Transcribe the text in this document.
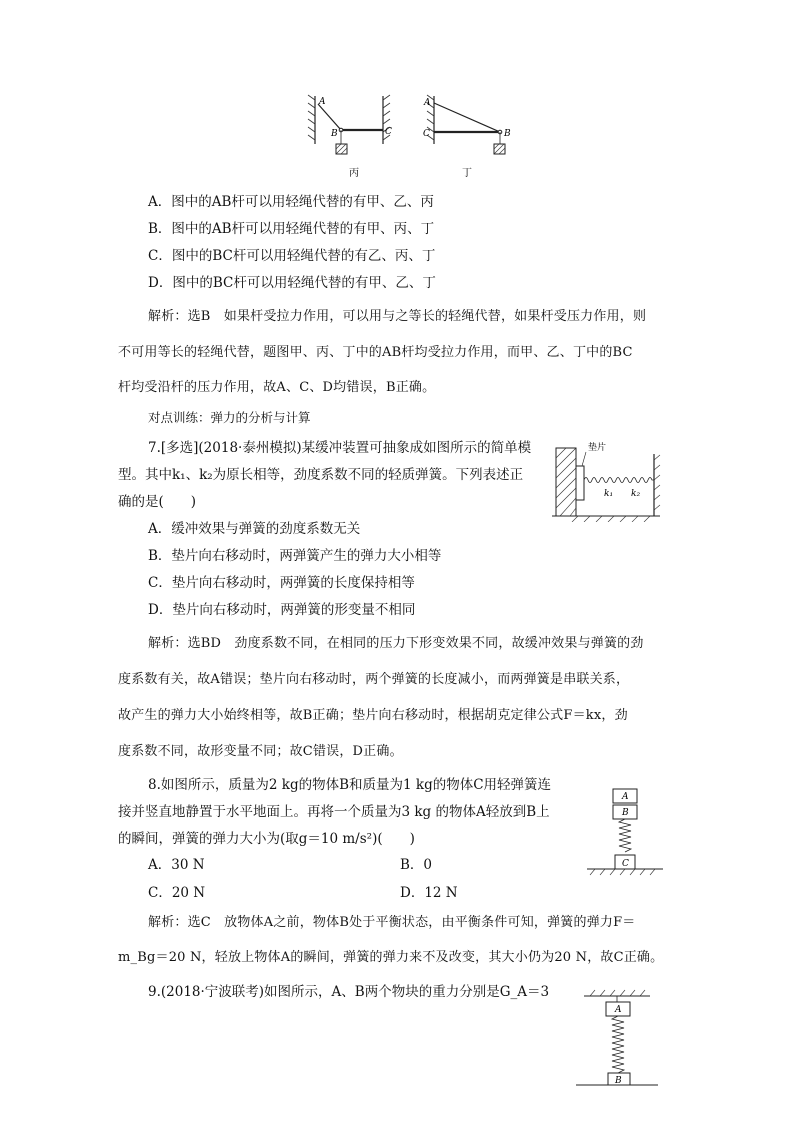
A
B	C
丙
A
B
C
丁
A．图中的AB杆可以用轻绳代替的有甲、乙、丙
B．图中的AB杆可以用轻绳代替的有甲、丙、丁
C．图中的BC杆可以用轻绳代替的有乙、丙、丁
D．图中的BC杆可以用轻绳代替的有甲、乙、丁
解析：选B　如果杆受拉力作用，可以用与之等长的轻绳代替，如果杆受压力作用，则
不可用等长的轻绳代替，题图甲、丙、丁中的AB杆均受拉力作用，而甲、乙、丁中的BC
杆均受沿杆的压力作用，故A、C、D均错误，B正确。
对点训练：弹力的分析与计算
7.[多选](2018·泰州模拟)某缓冲装置可抽象成如图所示的简单模
型。其中k₁、k₂为原长相等，劲度系数不同的轻质弹簧。下列表述正
确的是(　　)
垫片
k₁ k₂
A．缓冲效果与弹簧的劲度系数无关
B．垫片向右移动时，两弹簧产生的弹力大小相等
C．垫片向右移动时，两弹簧的长度保持相等
D．垫片向右移动时，两弹簧的形变量不相同
解析：选BD　劲度系数不同，在相同的压力下形变效果不同，故缓冲效果与弹簧的劲
度系数有关，故A错误；垫片向右移动时，两个弹簧的长度减小，而两弹簧是串联关系，
故产生的弹力大小始终相等，故B正确；垫片向右移动时，根据胡克定律公式F＝kx，劲
度系数不同，故形变量不同；故C错误，D正确。
8.如图所示，质量为2 kg的物体B和质量为1 kg的物体C用轻弹簧连
接并竖直地静置于水平地面上。再将一个质量为3 kg 的物体A轻放到B上
的瞬间，弹簧的弹力大小为(取g＝10 m/s²)(　　)
A
B
C
A．30 N	B．0
C．20 N	D．12 N
解析：选C　放物体A之前，物体B处于平衡状态，由平衡条件可知，弹簧的弹力F＝
m_Bg＝20 N，轻放上物体A的瞬间，弹簧的弹力来不及改变，其大小仍为20 N，故C正确。
9.(2018·宁波联考)如图所示，A、B两个物块的重力分别是G_A＝3
A
B
